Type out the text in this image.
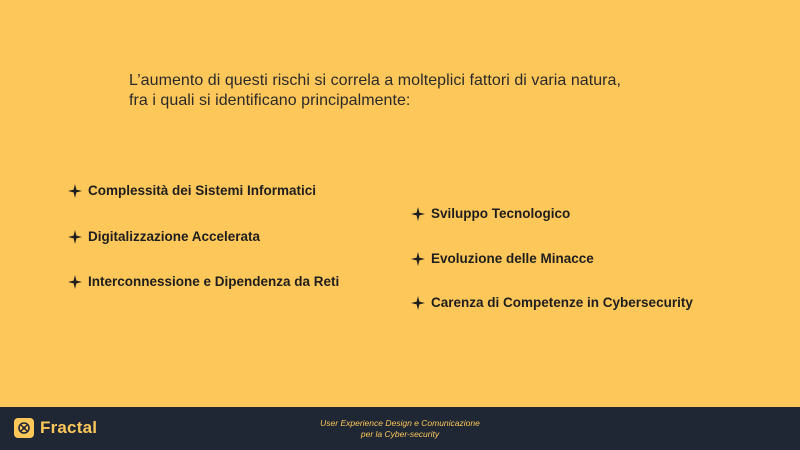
L’aumento di questi rischi si correla a molteplici fattori di varia natura,
fra i quali si identificano principalmente:
Complessità dei Sistemi Informatici
Digitalizzazione Accelerata
Interconnessione e Dipendenza da Reti
Sviluppo Tecnologico
Evoluzione delle Minacce
Carenza di Competenze in Cybersecurity
Fractal	User Experience Design e Comunicazione
per la Cyber-security
